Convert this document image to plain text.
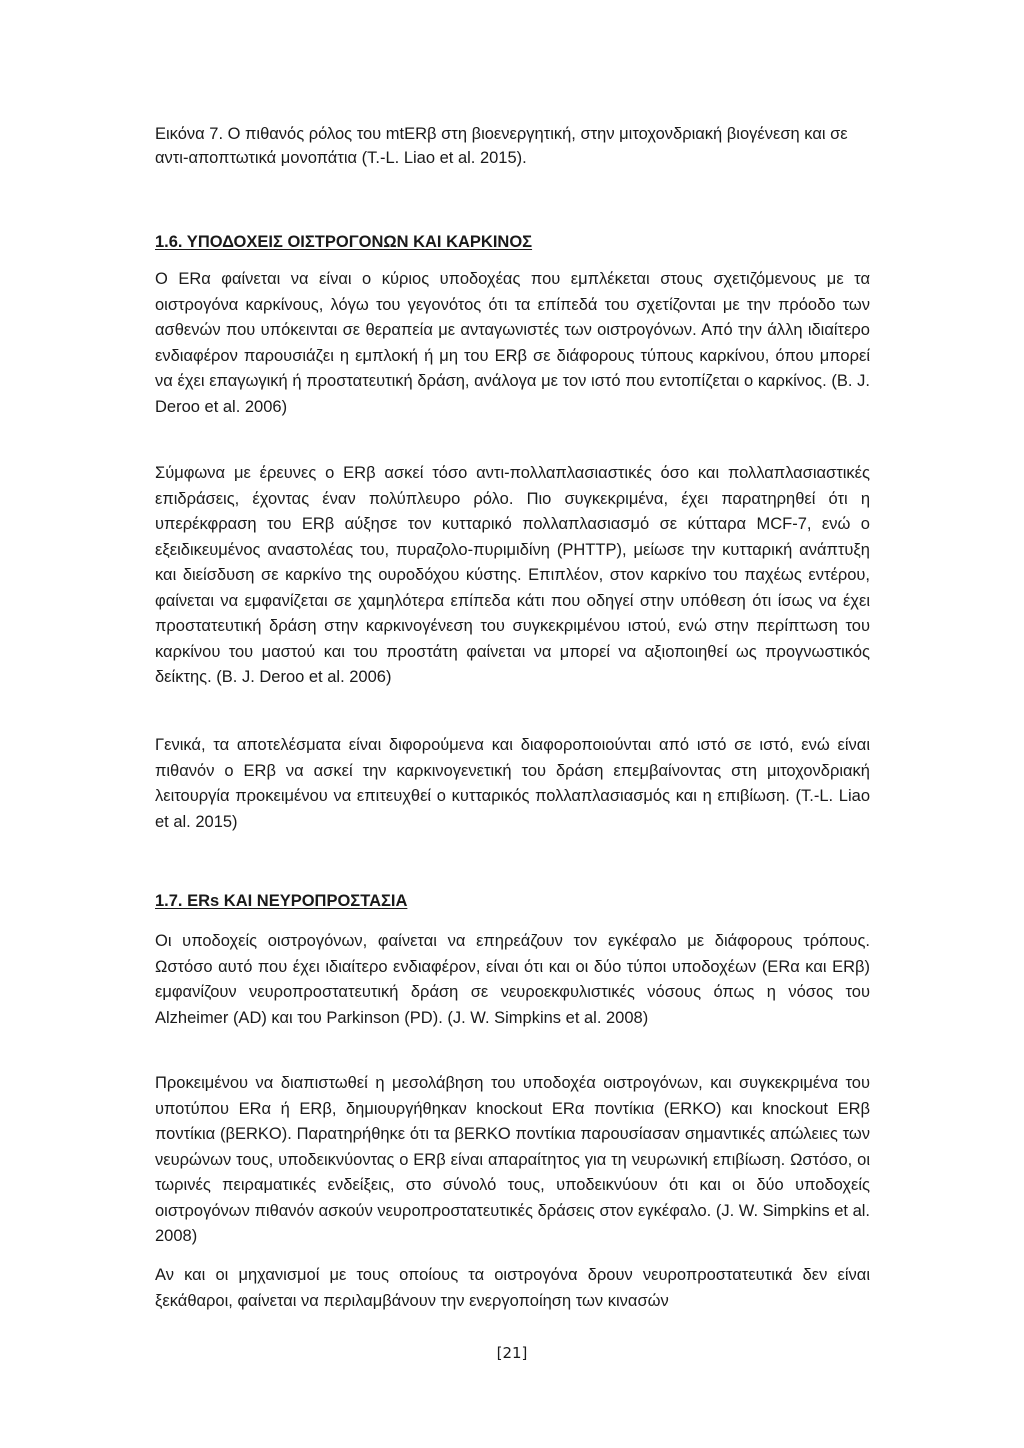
Εικόνα 7. Ο πιθανός ρόλος του mtERβ στη βιοενεργητική, στην μιτοχονδριακή βιογένεση και σε αντι-αποπτωτικά μονοπάτια (T.-L. Liao et al. 2015).

1.6. ΥΠΟΔΟΧΕΙΣ ΟΙΣΤΡΟΓΟΝΩΝ ΚΑΙ ΚΑΡΚΙΝΟΣ

Ο ERα φαίνεται να είναι ο κύριος υποδοχέας που εμπλέκεται στους σχετιζόμενους με τα οιστρογόνα καρκίνους, λόγω του γεγονότος ότι τα επίπεδά του σχετίζονται με την πρόοδο των ασθενών που υπόκεινται σε θεραπεία με ανταγωνιστές των οιστρογόνων. Από την άλλη ιδιαίτερο ενδιαφέρον παρουσιάζει η εμπλοκή ή μη του ERβ σε διάφορους τύπους καρκίνου, όπου μπορεί να έχει επαγωγική ή προστατευτική δράση, ανάλογα με τον ιστό που εντοπίζεται ο καρκίνος. (B. J. Deroo et al. 2006)

Σύμφωνα με έρευνες ο ERβ ασκεί τόσο αντι-πολλαπλασιαστικές όσο και πολλαπλασιαστικές επιδράσεις, έχοντας έναν πολύπλευρο ρόλο. Πιο συγκεκριμένα, έχει παρατηρηθεί ότι η υπερέκφραση του ERβ αύξησε τον κυτταρικό πολλαπλασιασμό σε κύτταρα MCF-7, ενώ ο εξειδικευμένος αναστολέας του, πυραζολο-πυριμιδίνη (PHTTP), μείωσε την κυτταρική ανάπτυξη και διείσδυση σε καρκίνο της ουροδόχου κύστης. Επιπλέον, στον καρκίνο του παχέως εντέρου, φαίνεται να εμφανίζεται σε χαμηλότερα επίπεδα κάτι που οδηγεί στην υπόθεση ότι ίσως να έχει προστατευτική δράση στην καρκινογένεση του συγκεκριμένου ιστού, ενώ στην περίπτωση του καρκίνου του μαστού και του προστάτη φαίνεται να μπορεί να αξιοποιηθεί ως προγνωστικός δείκτης. (B. J. Deroo et al. 2006)

Γενικά, τα αποτελέσματα είναι διφορούμενα και διαφοροποιούνται από ιστό σε ιστό, ενώ είναι πιθανόν ο ERβ να ασκεί την καρκινογενετική του δράση επεμβαίνοντας στη μιτοχονδριακή λειτουργία προκειμένου να επιτευχθεί ο κυτταρικός πολλαπλασιασμός και η επιβίωση. (T.-L. Liao et al. 2015)

1.7. ERs ΚΑΙ ΝΕΥΡΟΠΡΟΣΤΑΣΙΑ

Οι υποδοχείς οιστρογόνων, φαίνεται να επηρεάζουν τον εγκέφαλο με διάφορους τρόπους. Ωστόσο αυτό που έχει ιδιαίτερο ενδιαφέρον, είναι ότι και οι δύο τύποι υποδοχέων (ERα και ERβ) εμφανίζουν νευροπροστατευτική δράση σε νευροεκφυλιστικές νόσους όπως η νόσος του Alzheimer (AD) και του Parkinson (PD). (J. W. Simpkins et al. 2008)

Προκειμένου να διαπιστωθεί η μεσολάβηση του υποδοχέα οιστρογόνων, και συγκεκριμένα του υποτύπου ERα ή ERβ, δημιουργήθηκαν knockout ERα ποντίκια (ERKO) και knockout ERβ ποντίκια (βERKO). Παρατηρήθηκε ότι τα βERKO ποντίκια παρουσίασαν σημαντικές απώλειες των νευρώνων τους, υποδεικνύοντας ο ERβ είναι απαραίτητος για τη νευρωνική επιβίωση. Ωστόσο, οι τωρινές πειραματικές ενδείξεις, στο σύνολό τους, υποδεικνύουν ότι και οι δύο υποδοχείς οιστρογόνων πιθανόν ασκούν νευροπροστατευτικές δράσεις στον εγκέφαλο. (J. W. Simpkins et al. 2008)

Αν και οι μηχανισμοί με τους οποίους τα οιστρογόνα δρουν νευροπροστατευτικά δεν είναι ξεκάθαροι, φαίνεται να περιλαμβάνουν την ενεργοποίηση των κινασών

[21]
